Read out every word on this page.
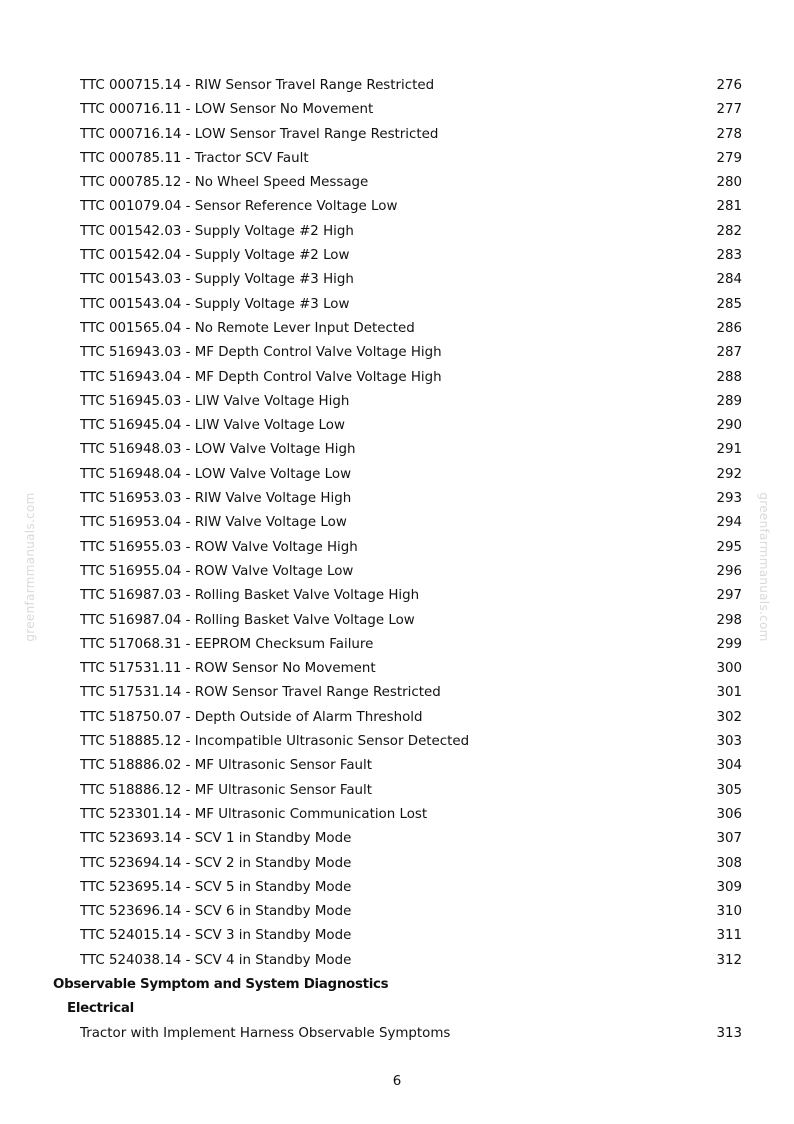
greenfarmmanuals.com	greenfarmmanuals.com
TTC 000715.14 - RIW Sensor Travel Range Restricted	276
TTC 000716.11 - LOW Sensor No Movement	277
TTC 000716.14 - LOW Sensor Travel Range Restricted	278
TTC 000785.11 - Tractor SCV Fault	279
TTC 000785.12 - No Wheel Speed Message	280
TTC 001079.04 - Sensor Reference Voltage Low	281
TTC 001542.03 - Supply Voltage #2 High	282
TTC 001542.04 - Supply Voltage #2 Low	283
TTC 001543.03 - Supply Voltage #3 High	284
TTC 001543.04 - Supply Voltage #3 Low	285
TTC 001565.04 - No Remote Lever Input Detected	286
TTC 516943.03 - MF Depth Control Valve Voltage High	287
TTC 516943.04 - MF Depth Control Valve Voltage High	288
TTC 516945.03 - LIW Valve Voltage High	289
TTC 516945.04 - LIW Valve Voltage Low	290
TTC 516948.03 - LOW Valve Voltage High	291
TTC 516948.04 - LOW Valve Voltage Low	292
TTC 516953.03 - RIW Valve Voltage High	293
TTC 516953.04 - RIW Valve Voltage Low	294
TTC 516955.03 - ROW Valve Voltage High	295
TTC 516955.04 - ROW Valve Voltage Low	296
TTC 516987.03 - Rolling Basket Valve Voltage High	297
TTC 516987.04 - Rolling Basket Valve Voltage Low	298
TTC 517068.31 - EEPROM Checksum Failure	299
TTC 517531.11 - ROW Sensor No Movement	300
TTC 517531.14 - ROW Sensor Travel Range Restricted	301
TTC 518750.07 - Depth Outside of Alarm Threshold	302
TTC 518885.12 - Incompatible Ultrasonic Sensor Detected	303
TTC 518886.02 - MF Ultrasonic Sensor Fault	304
TTC 518886.12 - MF Ultrasonic Sensor Fault	305
TTC 523301.14 - MF Ultrasonic Communication Lost	306
TTC 523693.14 - SCV 1 in Standby Mode	307
TTC 523694.14 - SCV 2 in Standby Mode	308
TTC 523695.14 - SCV 5 in Standby Mode	309
TTC 523696.14 - SCV 6 in Standby Mode	310
TTC 524015.14 - SCV 3 in Standby Mode	311
TTC 524038.14 - SCV 4 in Standby Mode	312
Observable Symptom and System Diagnostics
Electrical
Tractor with Implement Harness Observable Symptoms	313
6
